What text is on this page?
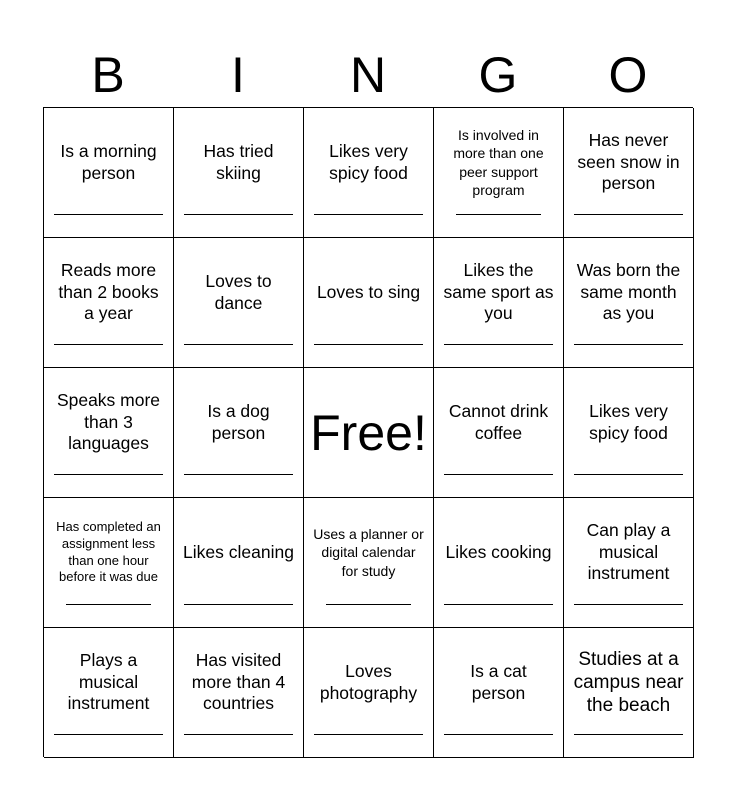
B	I	N	G	O
Is a morning person
Has tried skiing
Likes very spicy food
Is involved in more than one peer support program
Has never seen snow in person
Reads more than 2 books a year
Loves to dance
Loves to sing
Likes the same sport as you
Was born the same month as you
Speaks more than 3 languages
Is a dog person Free!	Cannot drink coffee
Likes very spicy food
Has completed an assignment less than one hour before it was due
Likes cleaning
Uses a planner or digital calendar for study
Likes cooking
Can play a musical instrument
Plays a musical instrument
Has visited more than 4 countries
Loves photography
Is a cat person
Studies at a campus near the beach
